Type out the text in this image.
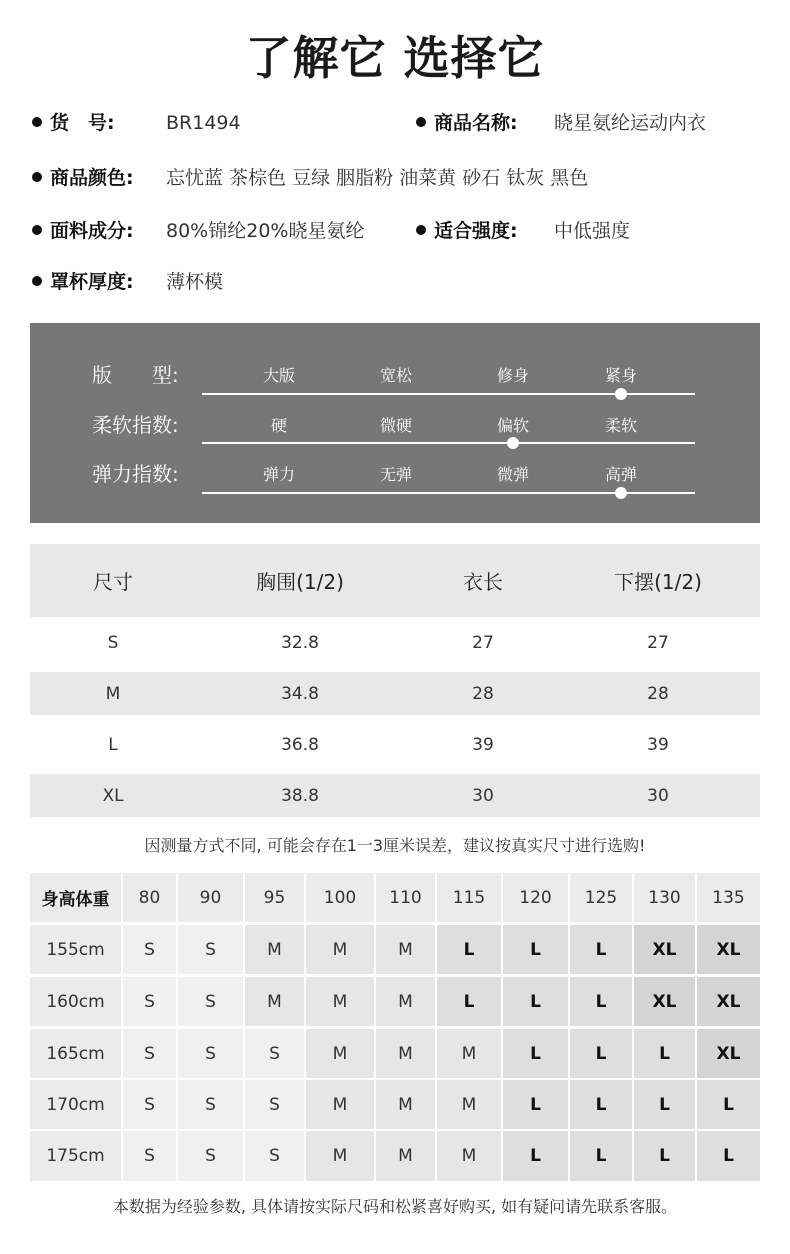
了解它 选择它
货　号:	BR1494	商品名称: 晓星氨纶运动内衣
商品颜色: 忘忧蓝 茶棕色 豆绿 胭脂粉 油菜黄 砂石 钛灰 黑色
面料成分: 80%锦纶20%晓星氨纶	适合强度: 中低强度
罩杯厚度: 薄杯模
版　　型:	大版	宽松	修身	紧身
柔软指数:	硬	微硬	偏软	柔软
弹力指数:	弹力	无弹	微弹	高弹
尺寸	胸围(1/2)	衣长	下摆(1/2)
S	32.8	27	27
M	34.8	28	28
L	36.8	39	39
XL	38.8	30	30
因测量方式不同, 可能会存在1一3厘米误差，建议按真实尺寸进行选购!
身高体重	80	90	95	100	110	115	120	125	130	135
155cm	S	S	M	M	M	L	L	L	XL	XL
160cm	S	S	M	M	M	L	L	L	XL	XL
165cm	S	S	S	M	M	M	L	L	L	XL
170cm	S	S	S	M	M	M	L	L	L	L
175cm	S	S	S	M	M	M	L	L	L	L
本数据为经验参数, 具体请按实际尺码和松紧喜好购买, 如有疑问请先联系客服。
